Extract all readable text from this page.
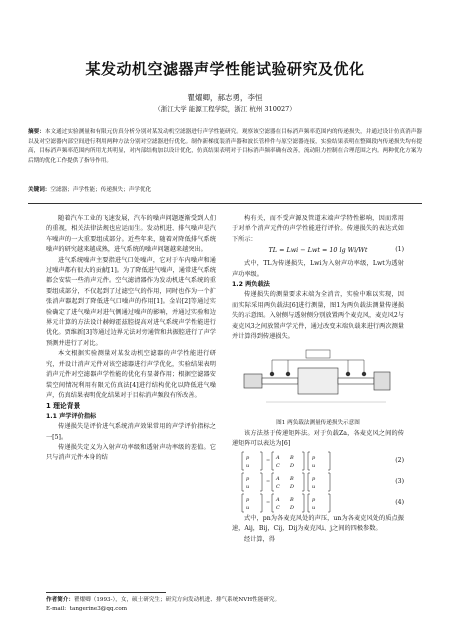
某发动机空滤器声学性能试验研究及优化
瞿燿卿，郝志勇，李恒
（浙江大学 能源工程学院，浙江 杭州 310027）
摘要：本文通过实验测量和有限元仿真分析分别对某发动机空滤器进行声学性能研究。观察该空滤器在目标消声频率范围内的传递损失，并通过设计仿真消声器以及对空滤器内部空间进行利用两种方法分别对空滤器进行优化。制作新梯度装消声器和波长管样件与原空滤器连接，实验结果表明在整圈段内传递损失均有提高，目标消声频率范围内所用尤其明显，对内部结构加以设计优化，仿真结果表明对于目标消声频率确有改善，流动阻力控制在合理范围之内。两种优化方案为后期的优化工作提供了指导作用。
关键词：空滤器；声学性能；传递损失；声学优化

随着汽车工业的飞速发展，汽车的噪声问题逐渐受到人们的重视，相关法律法规也应运而生。发动机进、排气噪声是汽车噪声的一大重要组成部分。近些年来，随着对降低排气系统噪声的研究越来越成熟，进气系统的噪声问题越来越突出。

进气系统噪声主要指进气口处噪声，它对于车内噪声和通过噪声都有很大的贡献[1]。为了降低进气噪声，通常进气系统都会安装一些消声元件。空气滤清器作为发动机进气系统的重要组成部分，不仅起到了过滤空气的作用，同时也作为一个扩张消声器起到了降低进气口噪声的作用[1]。金岩[2]等通过实验确定了进气噪声对进气侧通过噪声的影响，并通过实验和边界元计算的方法设计赫姆霍兹腔提高对进气系统声学性能进行优化。贾维新[3]等通过边界元法对旁通管和共振腔进行了声学预测并进行了对比。

本文根据实验测量对某发动机空滤器的声学性能进行研究，并设计消声元件对该空滤器进行声学优化，实验结果表明消声元件对空滤器声学性能的优化有显著作用；根据空滤器安装空间情况利用有限元仿真法[4]进行结构优化以降低进气噪声，仿真结果表明优化结果对于目标消声频段有所改善。

1 理论背景

1.1 声学评价指标

传递损失是评价进气系统消声效果常用的声学评价指标之一[5]。

传递损失定义为入射声功率级和透射声功率级的差值。它只与消声元件本身的结

构有关，而不受声源及管道末端声学特性影响，因而常用于对单个消声元件的声学性能进行评价。传递损失的表达式如下所示：

TL = Lwi − Lwt = 10 lg Wi/Wt	(1)

式中，TL为传递损失，Lwi为入射声功率级，Lwt为透射声功率级。

1.2 两负载法

传递损失的测量要求末端为全消音，实验中难以实现，因而实际采用两负载法[6]进行测量，图1为两负载法测量传递损失的示意图。入射侧与透射侧分别放置两个麦克风，麦克风2与麦克风3之间放置声学元件，通过改变末端负载来进行两次测量并计算得到传递损失。

图1 两负载法测量传递损失示意图

该方法基于传递矩阵法。对于负载Za，各麦克风之间的传递矩阵可以表达为[6]

p
u
= A B
C D
p
u
(2)
p
u
= A B
C D
p
u
(3)
p
u
= A B
C D
p
u
(4)

式中，pn为各麦克风处的声压，un为各麦克风处的质点振速，Aij，Bij，Cij，Dij为麦克风i、j之间的四极参数。

经计算，得

作者简介：瞿燿卿（1993-），女，硕士研究生；研究方向发动机进、排气系统NVH性能研究。
E-mail: tangerine3@qq.com
